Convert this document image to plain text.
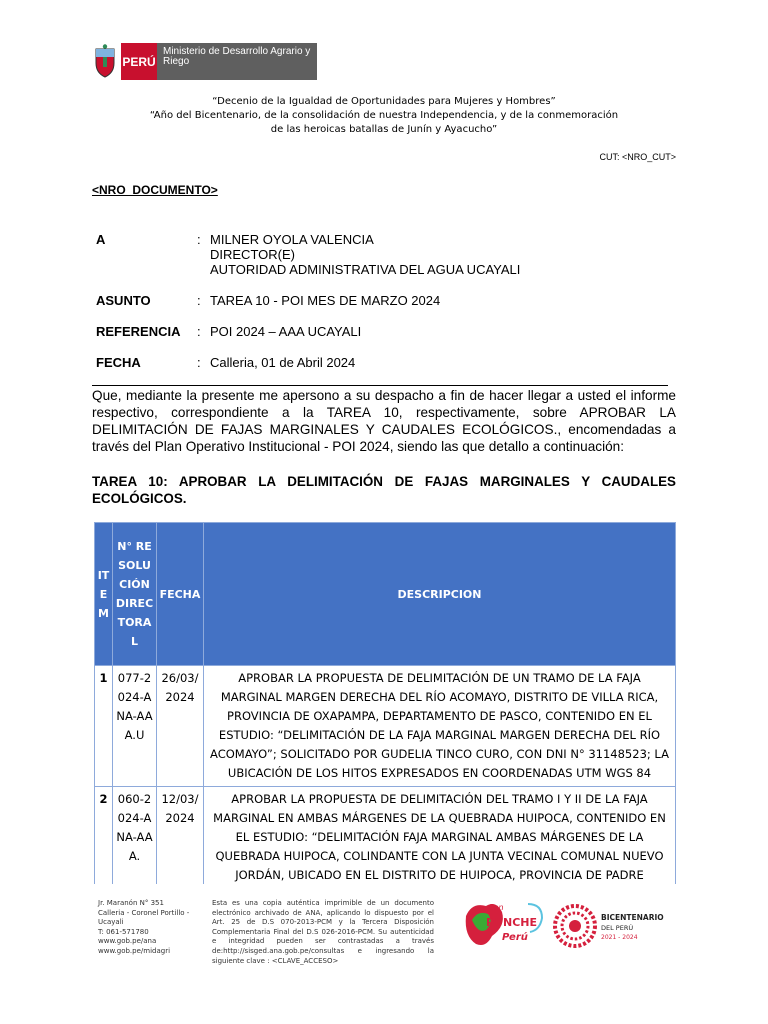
PERÚ
Ministerio de Desarrollo Agrario y Riego
“Decenio de la Igualdad de Oportunidades para Mujeres y Hombres”
“Año del Bicentenario, de la consolidación de nuestra Independencia, y de la conmemoración
de las heroicas batallas de Junín y Ayacucho”
CUT: <NRO_CUT>
<NRO_DOCUMENTO>
A	: MILNER OYOLA VALENCIA
DIRECTOR(E)
AUTORIDAD ADMINISTRATIVA DEL AGUA UCAYALI
ASUNTO	: TAREA 10 - POI MES DE MARZO 2024
REFERENCIA	: POI 2024 – AAA UCAYALI
FECHA	: Calleria, 01 de Abril 2024
Que, mediante la presente me apersono a su despacho a fin de hacer llegar a usted el informe respectivo, correspondiente a la TAREA 10, respectivamente, sobre APROBAR LA DELIMITACIÓN DE FAJAS MARGINALES Y CAUDALES ECOLÓGICOS., encomendadas a través del Plan Operativo Institucional - POI 2024, siendo las que detallo a continuación:
TAREA 10: APROBAR LA DELIMITACIÓN DE FAJAS MARGINALES Y CAUDALES ECOLÓGICOS.
ITEM	N° RESOLUCIÓN DIRECTORAL	FECHA	DESCRIPCION
1	077-2024-ANA-AAA.U	26/03/2024	APROBAR LA PROPUESTA DE DELIMITACIÓN DE UN TRAMO DE LA FAJA MARGINAL MARGEN DERECHA DEL RÍO ACOMAYO, DISTRITO DE VILLA RICA, PROVINCIA DE OXAPAMPA, DEPARTAMENTO DE PASCO, CONTENIDO EN EL ESTUDIO: “DELIMITACIÓN DE LA FAJA MARGINAL MARGEN DERECHA DEL RÍO ACOMAYO”; SOLICITADO POR GUDELIA TINCO CURO, CON DNI N° 31148523; LA UBICACIÓN DE LOS HITOS EXPRESADOS EN COORDENADAS UTM WGS 84
2	060-2024-ANA-AAA.	12/03/2024	APROBAR LA PROPUESTA DE DELIMITACIÓN DEL TRAMO I Y II DE LA FAJA MARGINAL EN AMBAS MÁRGENES DE LA QUEBRADA HUIPOCA, CONTENIDO EN EL ESTUDIO: “DELIMITACIÓN FAJA MARGINAL AMBAS MÁRGENES DE LA QUEBRADA HUIPOCA, COLINDANTE CON LA JUNTA VECINAL COMUNAL NUEVO JORDÁN, UBICADO EN EL DISTRITO DE HUIPOCA, PROVINCIA DE PADRE
Jr. Maranón N° 351
Calleria - Coronel Portillo - Ucayali
T: 061-571780
www.gob.pe/ana
www.gob.pe/midagri
Esta es una copia auténtica imprimible de un documento electrónico archivado de ANA, aplicando lo dispuesto por el Art. 25 de D.S 070-2013-PCM y la Tercera Disposición Complementaria Final del D.S 026-2016-PCM. Su autenticidad e integridad pueden ser contrastadas a través de:http://sisged.ana.gob.pe/consultas e ingresando la siguiente clave : <CLAVE_ACCESO>
Con
PUNCHE
Perú
BICENTENARIO
DEL PERÚ
2021 - 2024
